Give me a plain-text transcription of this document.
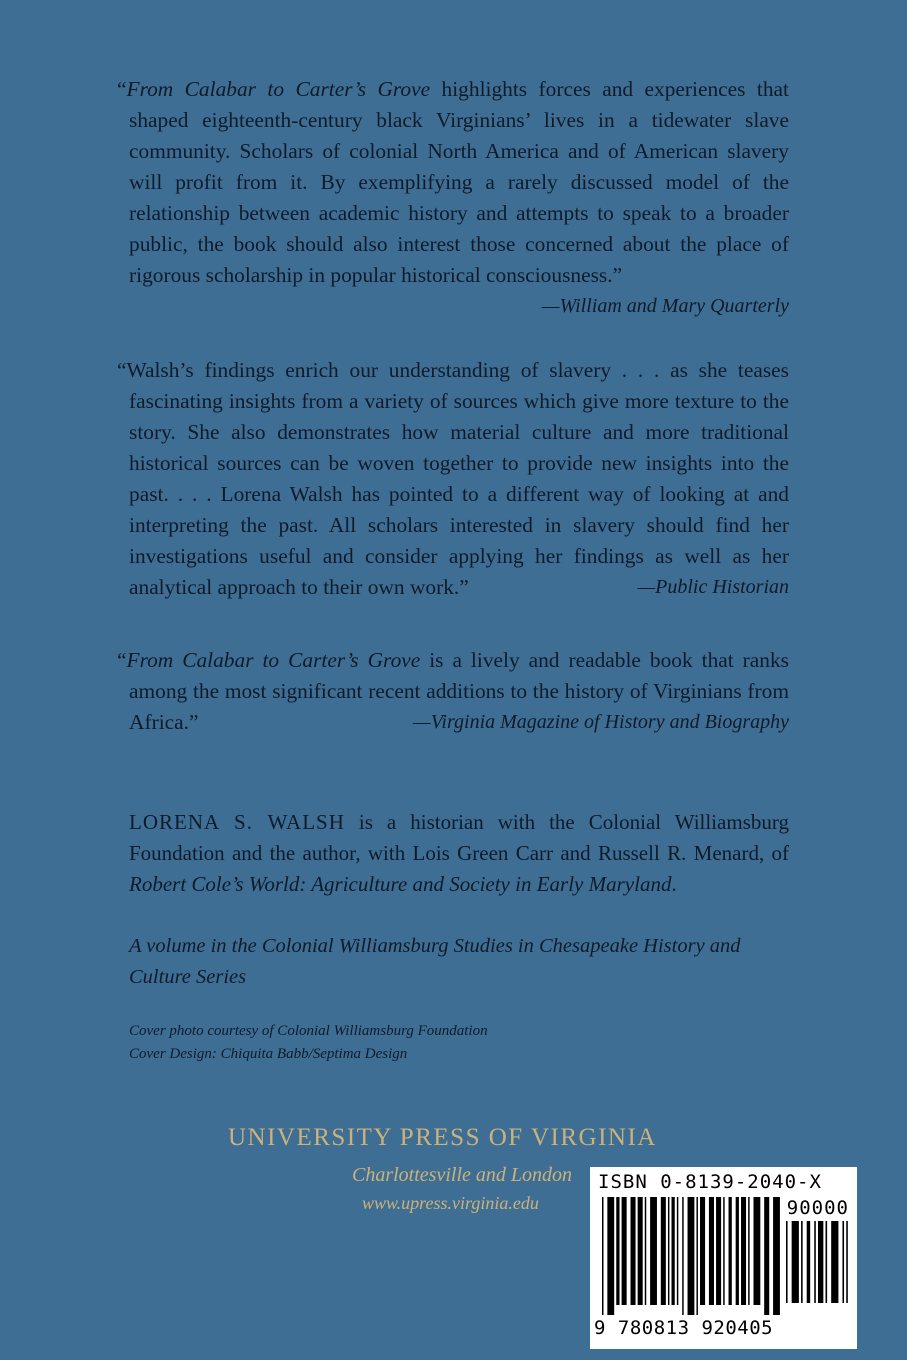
“From Calabar to Carter’s Grove highlights forces and experiences that shaped eighteenth-century black Virginians’ lives in a tidewater slave community. Scholars of colonial North America and of American slavery will profit from it. By exemplifying a rarely discussed model of the relationship between academic history and attempts to speak to a broader public, the book should also interest those concerned about the place of rigorous scholarship in popular historical consciousness.”

—William and Mary Quarterly

“Walsh’s findings enrich our understanding of slavery . . . as she teases fascinating insights from a variety of sources which give more texture to the story. She also demonstrates how material culture and more traditional historical sources can be woven together to provide new insights into the past. . . . Lorena Walsh has pointed to a different way of looking at and interpreting the past. All scholars interested in slavery should find her investigations useful and consider applying her findings as well as her analytical approach to their own work.”	—Public Historian

“From Calabar to Carter’s Grove is a lively and readable book that ranks among the most significant recent additions to the history of Virginians from Africa.”	—Virginia Magazine of History and Biography

LORENA S. WALSH is a historian with the Colonial Williamsburg Foundation and the author, with Lois Green Carr and Russell R. Menard, of Robert Cole’s World: Agriculture and Society in Early Maryland.

A volume in the Colonial Williamsburg Studies in Chesapeake History and Culture Series

Cover photo courtesy of Colonial Williamsburg Foundation

Cover Design: Chiquita Babb/Septima Design

UNIVERSITY PRESS OF VIRGINIA
Charlottesville and London
www.upress.virginia.edu
ISBN 0-8139-2040-X
90000
9 780813 920405
